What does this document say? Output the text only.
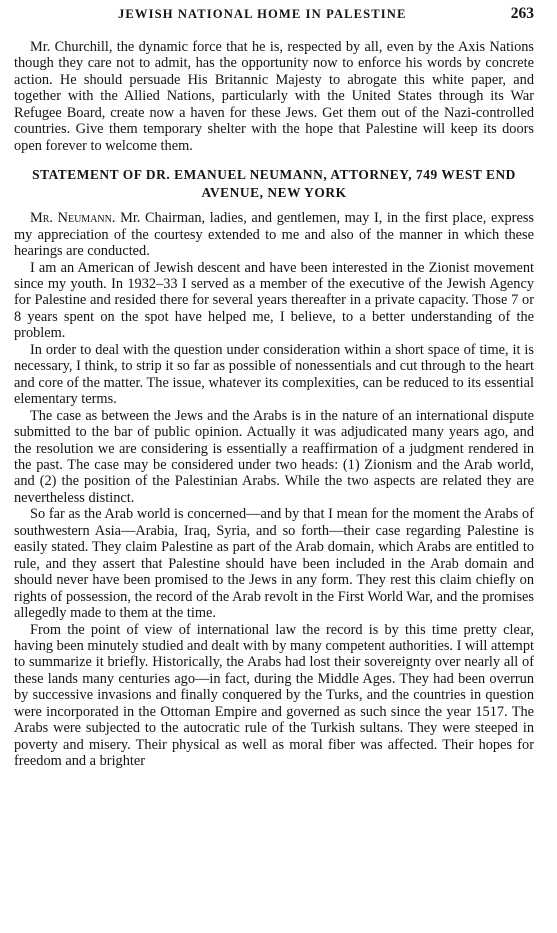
JEWISH NATIONAL HOME IN PALESTINE	263

Mr. Churchill, the dynamic force that he is, respected by all, even by the Axis Nations though they care not to admit, has the opportunity now to enforce his words by concrete action. He should persuade His Britannic Majesty to abrogate this white paper, and together with the Allied Nations, particularly with the United States through its War Refugee Board, create now a haven for these Jews. Get them out of the Nazi-controlled countries. Give them temporary shelter with the hope that Palestine will keep its doors open forever to welcome them.

STATEMENT OF DR. EMANUEL NEUMANN, ATTORNEY, 749 WEST END AVENUE, NEW YORK

Mr. Neumann. Mr. Chairman, ladies, and gentlemen, may I, in the first place, express my appreciation of the courtesy extended to me and also of the manner in which these hearings are conducted.

I am an American of Jewish descent and have been interested in the Zionist movement since my youth. In 1932–33 I served as a member of the executive of the Jewish Agency for Palestine and resided there for several years thereafter in a private capacity. Those 7 or 8 years spent on the spot have helped me, I believe, to a better understanding of the problem.

In order to deal with the question under consideration within a short space of time, it is necessary, I think, to strip it so far as possible of nonessentials and cut through to the heart and core of the matter. The issue, whatever its complexities, can be reduced to its essential elementary terms.

The case as between the Jews and the Arabs is in the nature of an international dispute submitted to the bar of public opinion. Actually it was adjudicated many years ago, and the resolution we are considering is essentially a reaffirmation of a judgment rendered in the past. The case may be considered under two heads: (1) Zionism and the Arab world, and (2) the position of the Palestinian Arabs. While the two aspects are related they are nevertheless distinct.

So far as the Arab world is concerned—and by that I mean for the moment the Arabs of southwestern Asia—Arabia, Iraq, Syria, and so forth—their case regarding Palestine is easily stated. They claim Palestine as part of the Arab domain, which Arabs are entitled to rule, and they assert that Palestine should have been included in the Arab domain and should never have been promised to the Jews in any form. They rest this claim chiefly on rights of possession, the record of the Arab revolt in the First World War, and the promises allegedly made to them at the time.

From the point of view of international law the record is by this time pretty clear, having been minutely studied and dealt with by many competent authorities. I will attempt to summarize it briefly. Historically, the Arabs had lost their sovereignty over nearly all of these lands many centuries ago—in fact, during the Middle Ages. They had been overrun by successive invasions and finally conquered by the Turks, and the countries in question were incorporated in the Ottoman Empire and governed as such since the year 1517. The Arabs were subjected to the autocratic rule of the Turkish sultans. They were steeped in poverty and misery. Their physical as well as moral fiber was affected. Their hopes for freedom and a brighter
